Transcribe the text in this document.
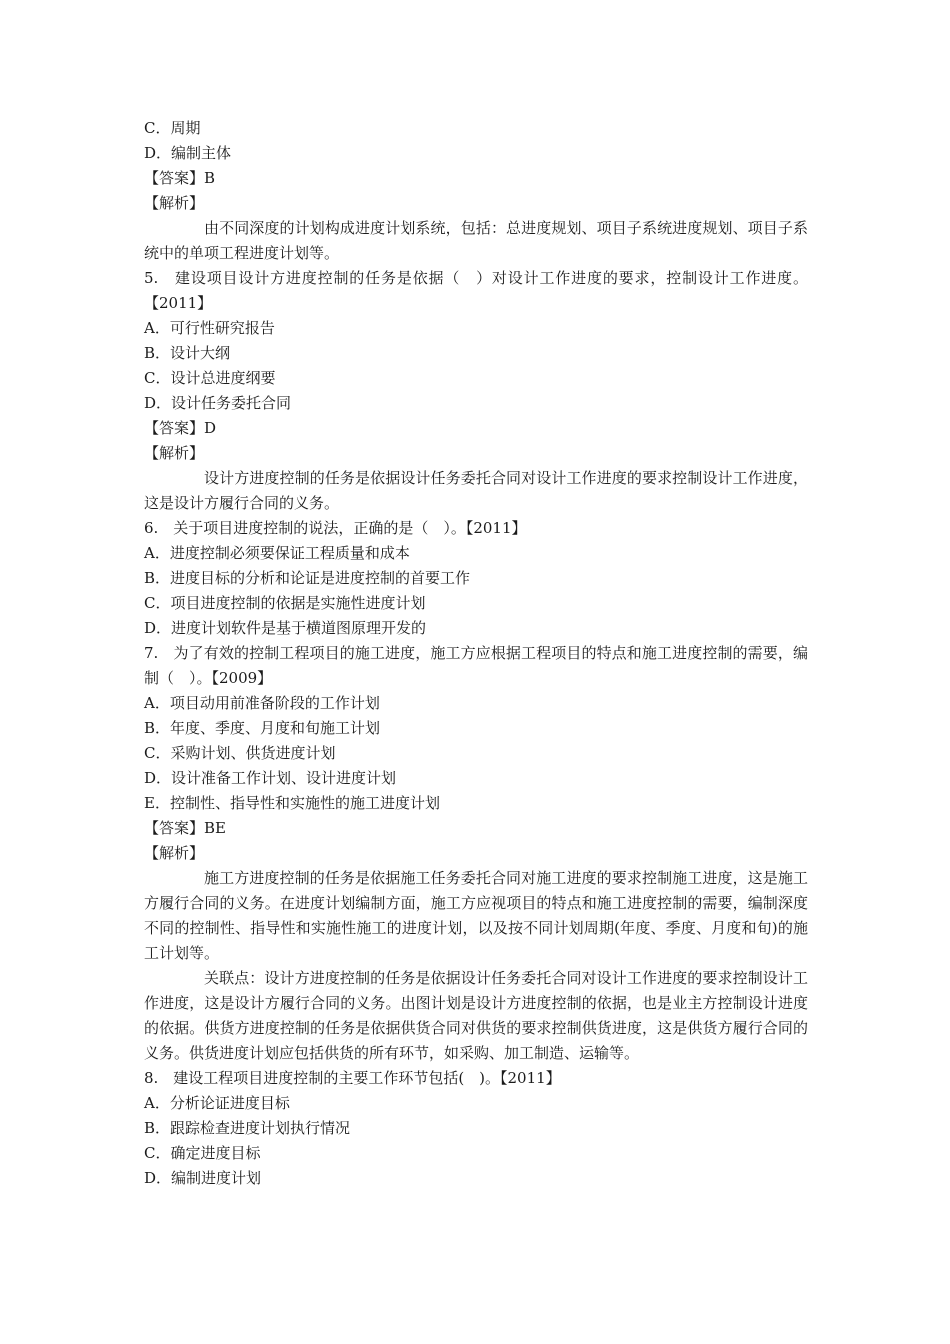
C．周期
D．编制主体
【答案】B
【解析】
由不同深度的计划构成进度计划系统，包括：总进度规划、项目子系统进度规划、项目子系统中的单项工程进度计划等。
5.　建设项目设计方进度控制的任务是依据（　）对设计工作进度的要求，控制设计工作进度。【2011】
A．可行性研究报告
B．设计大纲
C．设计总进度纲要
D．设计任务委托合同
【答案】D
【解析】
设计方进度控制的任务是依据设计任务委托合同对设计工作进度的要求控制设计工作进度，这是设计方履行合同的义务。
6.　关于项目进度控制的说法，正确的是（　）。【2011】
A．进度控制必须要保证工程质量和成本
B．进度目标的分析和论证是进度控制的首要工作
C．项目进度控制的依据是实施性进度计划
D．进度计划软件是基于横道图原理开发的
7.　为了有效的控制工程项目的施工进度，施工方应根据工程项目的特点和施工进度控制的需要，编制（　）。【2009】
A．项目动用前准备阶段的工作计划
B．年度、季度、月度和旬施工计划
C．采购计划、供货进度计划
D．设计准备工作计划、设计进度计划
E．控制性、指导性和实施性的施工进度计划
【答案】BE
【解析】
施工方进度控制的任务是依据施工任务委托合同对施工进度的要求控制施工进度，这是施工方履行合同的义务。在进度计划编制方面，施工方应视项目的特点和施工进度控制的需要，编制深度不同的控制性、指导性和实施性施工的进度计划，以及按不同计划周期(年度、季度、月度和旬)的施工计划等。
关联点：设计方进度控制的任务是依据设计任务委托合同对设计工作进度的要求控制设计工作进度，这是设计方履行合同的义务。出图计划是设计方进度控制的依据，也是业主方控制设计进度的依据。供货方进度控制的任务是依据供货合同对供货的要求控制供货进度，这是供货方履行合同的义务。供货进度计划应包括供货的所有环节，如采购、加工制造、运输等。
8.　建设工程项目进度控制的主要工作环节包括(　)。【2011】
A．分析论证进度目标
B．跟踪检查进度计划执行情况
C．确定进度目标
D．编制进度计划
